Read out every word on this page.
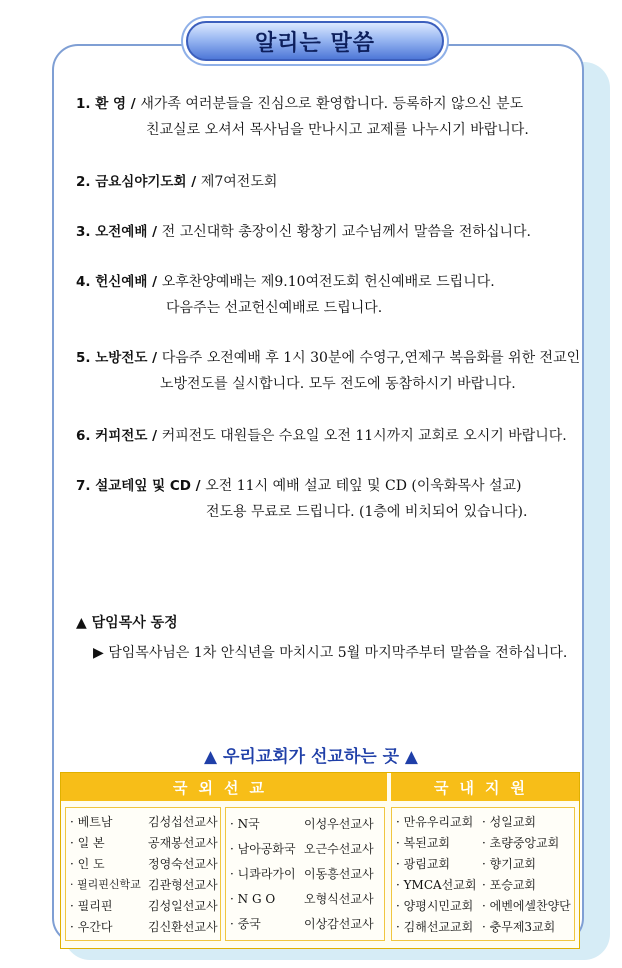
알리는 말씀
1. 환 영 / 새가족 여러분들을 진심으로 환영합니다. 등록하지 않으신 분도
친교실로 오셔서 목사님을 만나시고 교제를 나누시기 바랍니다.
2. 금요심야기도회 / 제7여전도회
3. 오전예배 / 전 고신대학 총장이신 황창기 교수님께서 말씀을 전하십니다.
4. 헌신예배 / 오후찬양예배는 제9.10여전도회 헌신예배로 드립니다.
다음주는 선교헌신예배로 드립니다.
5. 노방전도 / 다음주 오전예배 후 1시 30분에 수영구,연제구 복음화를 위한 전교인
노방전도를 실시합니다. 모두 전도에 동참하시기 바랍니다.
6. 커피전도 / 커피전도 대원들은 수요일 오전 11시까지 교회로 오시기 바랍니다.
7. 설교테잎 및 CD / 오전 11시 예배 설교 테잎 및 CD (이욱화목사 설교)
전도용 무료로 드립니다. (1층에 비치되어 있습니다).
▲ 담임목사 동정
▶ 담임목사님은 1차 안식년을 마치시고 5월 마지막주부터 말씀을 전하십니다.
▲ 우리교회가 선교하는 곳 ▲
국외선교	국내지원
· 베트남	김성섭선교사
· 일 본	공재봉선교사
· 인 도	정영숙선교사
· 필리핀신학교 김관형선교사
· 필리핀	김성일선교사
· 우간다	김신환선교사
· N국	이성우선교사
· 남아공화국 오근수선교사
· 니콰라가이 이동흥선교사
· N G O 오형식선교사
· 중국	이상감선교사
· 만유우리교회 · 성일교회
· 복된교회	· 초량중앙교회
· 광림교회	· 향기교회
· YMCA선교회 · 포승교회
· 양평시민교회 · 에벤에셀찬양단
· 김해선교교회 · 충무제3교회
